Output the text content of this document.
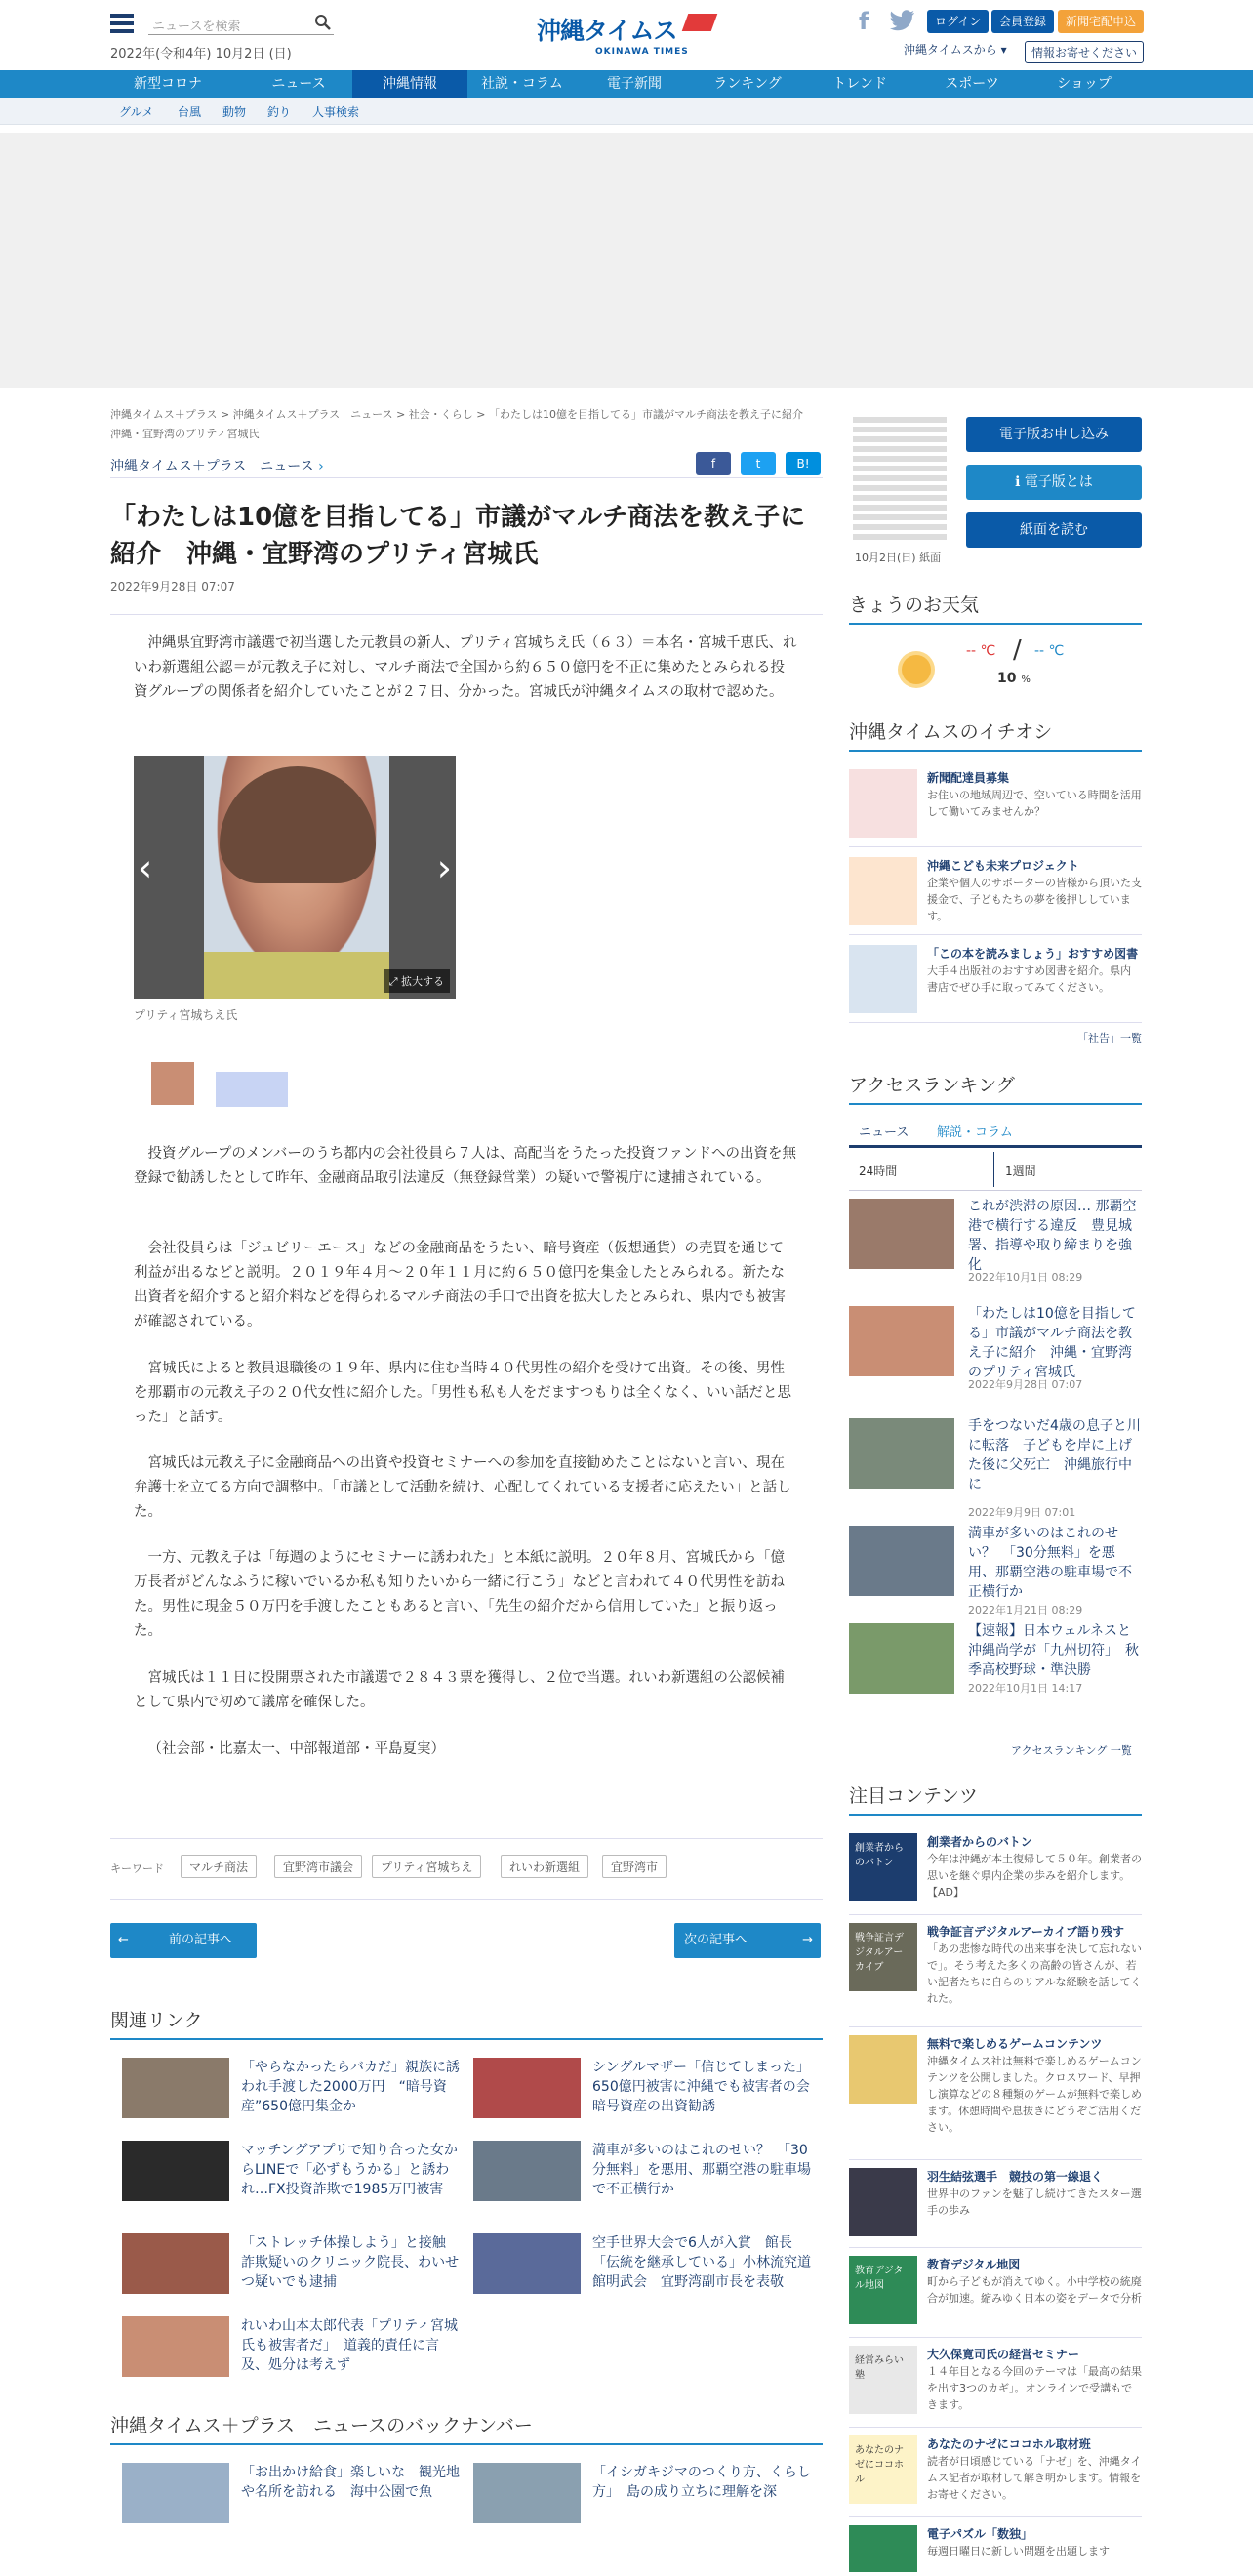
ニュースを検索
2022年(令和4年) 10月2日 (日)
沖縄タイムス
OKINAWA TIMES
f	ログイン	会員登録	新聞宅配申込
沖縄タイムスから ▾	情報お寄せください
新型コロナ	ニュース	沖縄情報	社説・コラム	電子新聞	ランキング	トレンド	スポーツ	ショップ
グルメ 台風 動物 釣り 人事検索
沖縄タイムス＋プラス > 沖縄タイムス＋プラス　ニュース > 社会・くらし > 「わたしは10億を目指してる」市議がマルチ商法を教え子に紹介　沖縄・宜野湾のプリティ宮城氏
沖縄タイムス＋プラス　ニュース ›	f	t	B!
「わたしは10億を目指してる」市議がマルチ商法を教え子に紹介　沖縄・宜野湾のプリティ宮城氏
2022年9月28日 07:07

沖縄県宜野湾市議選で初当選した元教員の新人、プリティ宮城ちえ氏（６３）＝本名・宮城千恵氏、れいわ新選組公認＝が元教え子に対し、マルチ商法で全国から約６５０億円を不正に集めたとみられる投資グループの関係者を紹介していたことが２７日、分かった。宮城氏が沖縄タイムスの取材で認めた。

‹	›
⤢ 拡大する
プリティ宮城ちえ氏

投資グループのメンバーのうち都内の会社役員ら７人は、高配当をうたった投資ファンドへの出資を無登録で勧誘したとして昨年、金融商品取引法違反（無登録営業）の疑いで警視庁に逮捕されている。

会社役員らは「ジュビリーエース」などの金融商品をうたい、暗号資産（仮想通貨）の売買を通じて利益が出るなどと説明。２０１９年４月～２０年１１月に約６５０億円を集金したとみられる。新たな出資者を紹介すると紹介料などを得られるマルチ商法の手口で出資を拡大したとみられ、県内でも被害が確認されている。

宮城氏によると教員退職後の１９年、県内に住む当時４０代男性の紹介を受けて出資。その後、男性を那覇市の元教え子の２０代女性に紹介した。「男性も私も人をだますつもりは全くなく、いい話だと思った」と話す。

宮城氏は元教え子に金融商品への出資や投資セミナーへの参加を直接勧めたことはないと言い、現在弁護士を立てる方向で調整中。「市議として活動を続け、心配してくれている支援者に応えたい」と話した。

一方、元教え子は「毎週のようにセミナーに誘われた」と本紙に説明。２０年８月、宮城氏から「億万長者がどんなふうに稼いでいるか私も知りたいから一緒に行こう」などと言われて４０代男性を訪ねた。男性に現金５０万円を手渡したこともあると言い、「先生の紹介だから信用していた」と振り返った。

宮城氏は１１日に投開票された市議選で２８４３票を獲得し、２位で当選。れいわ新選組の公認候補として県内で初めて議席を確保した。

（社会部・比嘉太一、中部報道部・平島夏実）

キーワード	マルチ商法	宜野湾市議会	プリティ宮城ちえ	れいわ新選組	宜野湾市
←	前の記事へ	次の記事へ	→
関連リンク
「やらなかったらバカだ」親族に誘われ手渡した2000万円　“暗号資産”650億円集金か
シングルマザー「信じてしまった」　650億円被害に沖縄でも被害者の会　暗号資産の出資勧誘
マッチングアプリで知り合った女からLINEで「必ずもうかる」と誘われ…FX投資詐欺で1985万円被害
満車が多いのはこれのせい？　「30分無料」を悪用、那覇空港の駐車場で不正横行か
「ストレッチ体操しよう」と接触　詐欺疑いのクリニック院長、わいせつ疑いでも逮捕
空手世界大会で6人が入賞　館長「伝統を継承している」小林流究道館明武会　宜野湾副市長を表敬
れいわ山本太郎代表「プリティ宮城氏も被害者だ」　道義的責任に言及、処分は考えず
沖縄タイムス＋プラス　ニュースのバックナンバー
「お出かけ給食」楽しいな　観光地や名所を訪れる　海中公園で魚
「イシガキジマのつくり方、くらし方」　島の成り立ちに理解を深
10月2日(日) 紙面
電子版お申し込み
ℹ 電子版とは
紙面を読む
きょうのお天気
-- ℃ / -- ℃
10 %
沖縄タイムスのイチオシ
新聞配達員募集
お住いの地域周辺で、空いている時間を活用して働いてみませんか？
沖縄こども未来プロジェクト
企業や個人のサポーターの皆様から頂いた支援金で、子どもたちの夢を後押ししています。
「この本を読みましょう」おすすめ図書
大手４出版社のおすすめ図書を紹介。県内書店でぜひ手に取ってみてください。
「社告」一覧
アクセスランキング
ニュース 解説・コラム
24時間	1週間
これが渋滞の原因… 那覇空港で横行する違反　豊見城署、指導や取り締まりを強化
2022年10月1日 08:29
「わたしは10億を目指してる」市議がマルチ商法を教え子に紹介　沖縄・宜野湾のプリティ宮城氏
2022年9月28日 07:07
手をつないだ4歳の息子と川に転落　子どもを岸に上げた後に父死亡　沖縄旅行中に
2022年9月9日 07:01
満車が多いのはこれのせい？　「30分無料」を悪用、那覇空港の駐車場で不正横行か
2022年1月21日 08:29
【速報】日本ウェルネスと沖縄尚学が「九州切符」　秋季高校野球・準決勝
2022年10月1日 14:17
アクセスランキング 一覧
注目コンテンツ
創業者からのバトン
創業者からのバトン
今年は沖縄が本土復帰して５０年。創業者の思いを継ぐ県内企業の歩みを紹介します。【AD】
戦争証言デジタルアーカイブ
戦争証言デジタルアーカイブ語り残す
「あの悲惨な時代の出来事を決して忘れないで」。そう考えた多くの高齢の皆さんが、若い記者たちに自らのリアルな経験を話してくれた。
無料で楽しめるゲームコンテンツ
沖縄タイムス社は無料で楽しめるゲームコンテンツを公開しました。クロスワード、早押し演算などの８種類のゲームが無料で楽しめます。休憩時間や息抜きにどうぞご活用ください。
羽生結弦選手　競技の第一線退く
世界中のファンを魅了し続けてきたスター選手の歩み
教育デジタル地図
教育デジタル地図
町から子どもが消えてゆく。小中学校の統廃合が加速。縮みゆく日本の姿をデータで分析
経営みらい塾
大久保寛司氏の経営セミナー
１４年目となる今回のテーマは「最高の結果を出す3つのカギ」。オンラインで受講もできます。
あなたのナゼにココホル
あなたのナゼにココホル取材班
読者が日頃感じている「ナゼ」を、沖縄タイムス記者が取材して解き明かします。情報をお寄せください。
電子パズル「数独」
毎週日曜日に新しい問題を出題します
